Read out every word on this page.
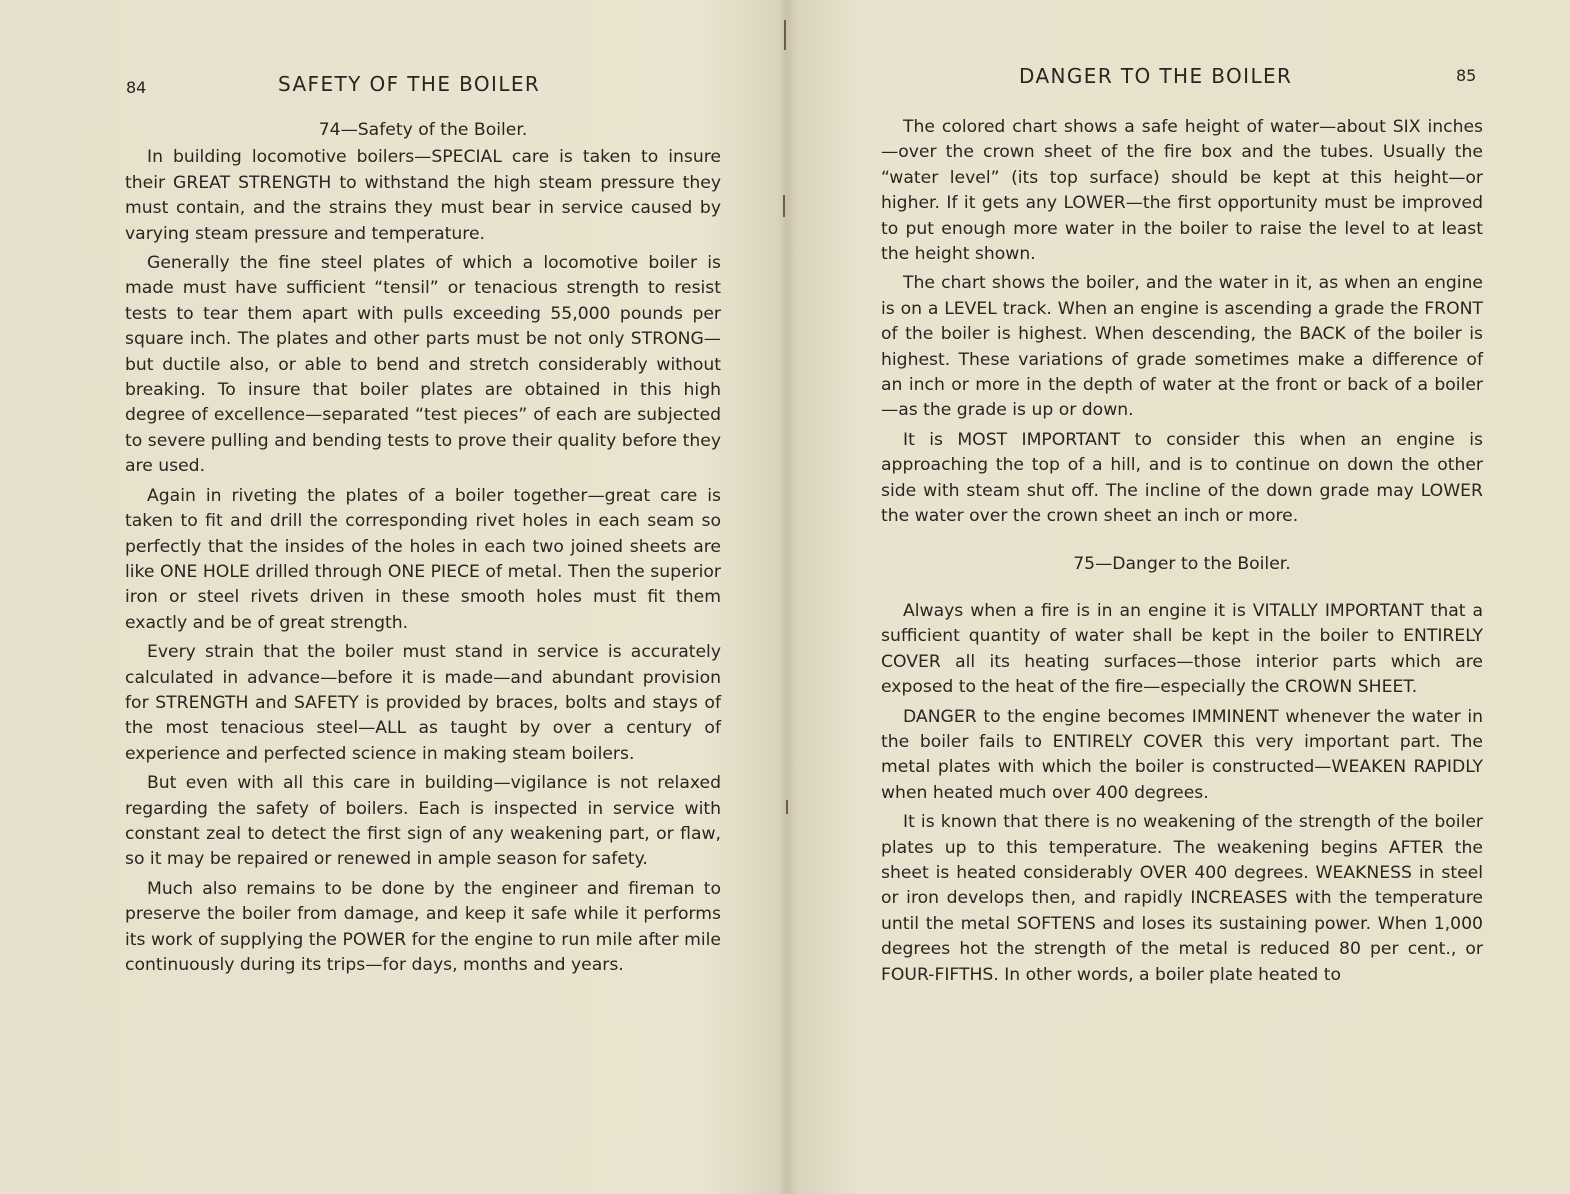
84	SAFETY OF THE BOILER
74—Safety of the Boiler.

In building locomotive boilers—SPECIAL care is taken to insure their GREAT STRENGTH to withstand the high steam pressure they must contain, and the strains they must bear in service caused by varying steam pressure and temperature.

Generally the fine steel plates of which a locomotive boiler is made must have sufficient “tensil” or tenacious strength to resist tests to tear them apart with pulls exceeding 55,000 pounds per square inch. The plates and other parts must be not only STRONG—but ductile also, or able to bend and stretch considerably without breaking. To insure that boiler plates are obtained in this high degree of excellence—separated “test pieces” of each are subjected to severe pulling and bending tests to prove their quality before they are used.

Again in riveting the plates of a boiler together—great care is taken to fit and drill the corresponding rivet holes in each seam so perfectly that the insides of the holes in each two joined sheets are like ONE HOLE drilled through ONE PIECE of metal. Then the superior iron or steel rivets driven in these smooth holes must fit them exactly and be of great strength.

Every strain that the boiler must stand in service is accurately calculated in advance—before it is made—and abundant provision for STRENGTH and SAFETY is provided by braces, bolts and stays of the most tenacious steel—ALL as taught by over a century of experience and perfected science in making steam boilers.

But even with all this care in building—vigilance is not relaxed regarding the safety of boilers. Each is inspected in service with constant zeal to detect the first sign of any weakening part, or flaw, so it may be repaired or renewed in ample season for safety.

Much also remains to be done by the engineer and fireman to preserve the boiler from damage, and keep it safe while it performs its work of supplying the POWER for the engine to run mile after mile continuously during its trips—for days, months and years.

DANGER TO THE BOILER	85

The colored chart shows a safe height of water—about SIX inches—over the crown sheet of the fire box and the tubes. Usually the “water level” (its top surface) should be kept at this height—or higher. If it gets any LOWER—the first opportunity must be improved to put enough more water in the boiler to raise the level to at least the height shown.

The chart shows the boiler, and the water in it, as when an engine is on a LEVEL track. When an engine is ascending a grade the FRONT of the boiler is highest. When descending, the BACK of the boiler is highest. These variations of grade sometimes make a difference of an inch or more in the depth of water at the front or back of a boiler—as the grade is up or down.

It is MOST IMPORTANT to consider this when an engine is approaching the top of a hill, and is to continue on down the other side with steam shut off. The incline of the down grade may LOWER the water over the crown sheet an inch or more.

75—Danger to the Boiler.

Always when a fire is in an engine it is VITALLY IMPORTANT that a sufficient quantity of water shall be kept in the boiler to ENTIRELY COVER all its heating surfaces—those interior parts which are exposed to the heat of the fire—especially the CROWN SHEET.

DANGER to the engine becomes IMMINENT whenever the water in the boiler fails to ENTIRELY COVER this very important part. The metal plates with which the boiler is constructed—WEAKEN RAPIDLY when heated much over 400 degrees.

It is known that there is no weakening of the strength of the boiler plates up to this temperature. The weakening begins AFTER the sheet is heated considerably OVER 400 degrees. WEAKNESS in steel or iron develops then, and rapidly INCREASES with the temperature until the metal SOFTENS and loses its sustaining power. When 1,000 degrees hot the strength of the metal is reduced 80 per cent., or FOUR-FIFTHS. In other words, a boiler plate heated to
